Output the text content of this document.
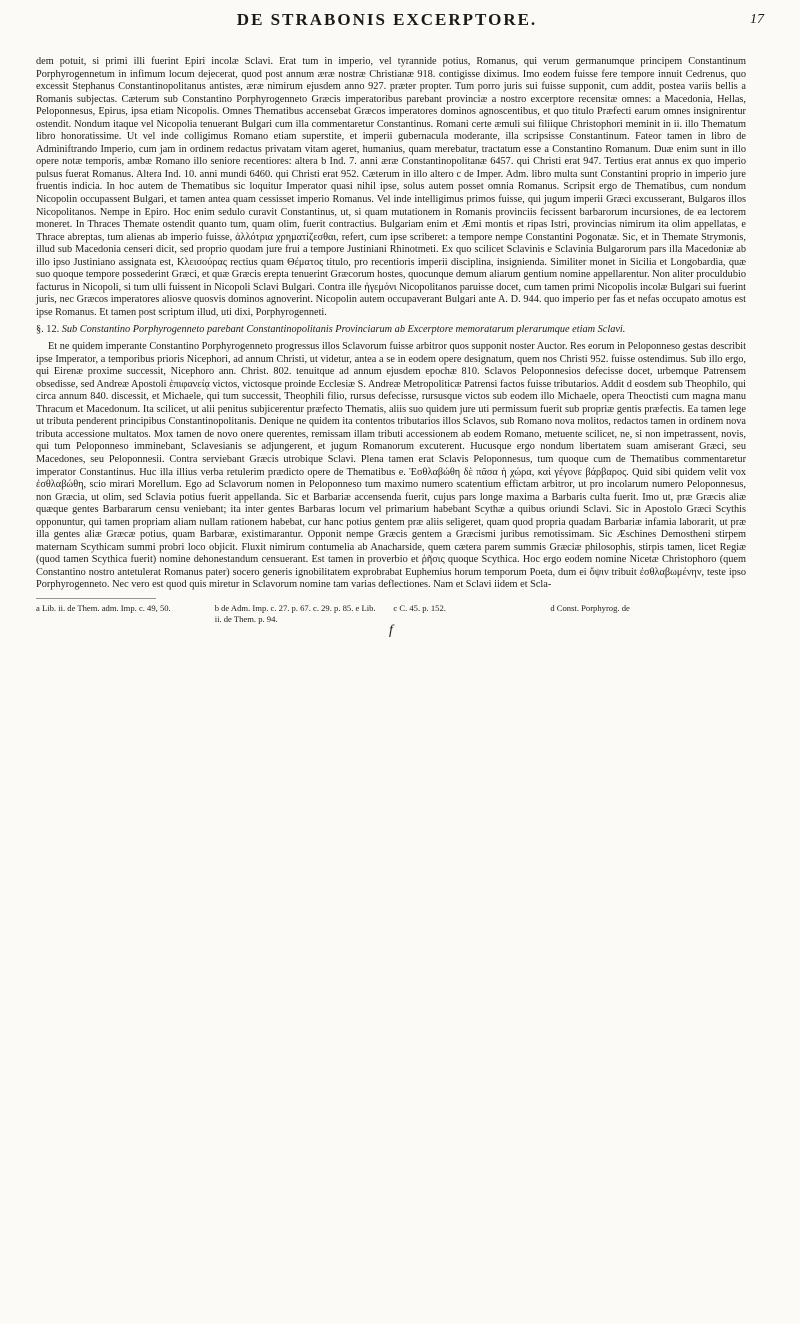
DE STRABONIS EXCERPTORE.	17

dem potuit, si primi illi fuerint Epiri incolæ Sclavi. Erat tum in imperio, vel tyrannide potius, Romanus, qui verum germanumque principem Constantinum Porphyrogennetum in infimum locum dejecerat, quod post annum æræ nostræ Christianæ 918. contigisse diximus. Imo eodem fuisse fere tempore innuit Cedrenus, quo excessit Stephanus Constantinopolitanus antistes, æræ nimirum ejusdem anno 927. præter propter. Tum porro juris sui fuisse supponit, cum addit, postea variis bellis a Romanis subjectas. Cæterum sub Constantino Porphyrogenneto Græcis imperatoribus parebant provinciæ a nostro excerptore recensitæ omnes: a Macedonia, Hellas, Peloponnesus, Epirus, ipsa etiam Nicopolis. Omnes Thematibus accensebat Græcos imperatores dominos agnoscentibus, et quo titulo Præfecti earum omnes insignirentur ostendit. Nondum itaque vel Nicopolia tenuerant Bulgari cum illa commentaretur Constantinus. Romani certe æmuli sui filiique Christophori meminit in ii. illo Thematum libro honoratissime. Ut vel inde colligimus Romano etiam superstite, et imperii gubernacula moderante, illa scripsisse Constantinum. Fateor tamen in libro de Adminiftrando Imperio, cum jam in ordinem redactus privatam vitam ageret, humanius, quam merebatur, tractatum esse a Constantino Romanum. Duæ enim sunt in illo opere notæ temporis, ambæ Romano illo seniore recentiores: altera b Ind. 7. anni æræ Constantinopolitanæ 6457. qui Christi erat 947. Tertius erat annus ex quo imperio pulsus fuerat Romanus. Altera Ind. 10. anni mundi 6460. qui Christi erat 952. Cæterum in illo altero c de Imper. Adm. libro multa sunt Constantini proprio in imperio jure fruentis indicia. In hoc autem de Thematibus sic loquitur Imperator quasi nihil ipse, solus autem posset omnia Romanus. Scripsit ergo de Thematibus, cum nondum Nicopolin occupassent Bulgari, et tamen antea quam cessisset imperio Romanus. Vel inde intelligimus primos fuisse, qui jugum imperii Græci excusserant, Bulgaros illos Nicopolitanos. Nempe in Epiro. Hoc enim sedulo curavit Constantinus, ut, si quam mutationem in Romanis provinciis fecissent barbarorum incursiones, de ea lectorem moneret. In Thraces Themate ostendit quanto tum, quam olim, fuerit contractius. Bulgariam enim et Æmi montis et ripas Istri, provincias nimirum ita olim appellatas, e Thrace abreptas, tum alienas ab imperio fuisse, ἀλλότρια χρηματίζεσθαι, refert, cum ipse scriberet: a tempore nempe Constantini Pogonatæ. Sic, et in Themate Strymonis, illud sub Macedonia censeri dicit, sed proprio quodam jure frui a tempore Justiniani Rhinotmeti. Ex quo scilicet Sclavinis e Sclavinia Bulgarorum pars illa Macedoniæ ab illo ipso Justiniano assignata est, Κλεισούρας rectius quam Θέματος titulo, pro recentioris imperii disciplina, insignienda. Similiter monet in Sicilia et Longobardia, quæ suo quoque tempore possederint Græci, et quæ Græcis erepta tenuerint Græcorum hostes, quocunque demum aliarum gentium nomine appellarentur. Non aliter proculdubio facturus in Nicopoli, si tum ulli fuissent in Nicopoli Sclavi Bulgari. Contra ille ἡγεμόνι Nicopolitanos paruisse docet, cum tamen primi Nicopolis incolæ Bulgari sui fuerint juris, nec Græcos imperatores aliosve quosvis dominos agnoverint. Nicopolin autem occupaverant Bulgari ante A. D. 944. quo imperio per fas et nefas occupato amotus est ipse Romanus. Et tamen post scriptum illud, uti dixi, Porphyrogenneti.

§. 12. Sub Constantino Porphyrogenneto parebant Constantinopolitanis Provinciarum ab Excerptore memoratarum plerarumque etiam Sclavi.

Et ne quidem imperante Constantino Porphyrogenneto progressus illos Sclavorum fuisse arbitror quos supponit noster Auctor. Res eorum in Peloponneso gestas describit ipse Imperator, a temporibus prioris Nicephori, ad annum Christi, ut videtur, antea a se in eodem opere designatum, quem nos Christi 952. fuisse ostendimus. Sub illo ergo, qui Eirenæ proxime successit, Nicephoro ann. Christ. 802. tenuitque ad annum ejusdem epochæ 810. Sclavos Peloponnesios defecisse docet, urbemque Patrensem obsedisse, sed Andreæ Apostoli ἐπιφανείᾳ victos, victosque proinde Ecclesiæ S. Andreæ Metropoliticæ Patrensi factos fuisse tributarios. Addit d eosdem sub Theophilo, qui circa annum 840. discessit, et Michaele, qui tum successit, Theophili filio, rursus defecisse, rursusque victos sub eodem illo Michaele, opera Theoctisti cum magna manu Thracum et Macedonum. Ita scilicet, ut alii penitus subjicerentur præfecto Thematis, aliis suo quidem jure uti permissum fuerit sub propriæ gentis præfectis. Ea tamen lege ut tributa penderent principibus Constantinopolitanis. Denique ne quidem ita contentos tributarios illos Sclavos, sub Romano nova molitos, redactos tamen in ordinem nova tributa accessione multatos. Mox tamen de novo onere querentes, remissam illam tributi accessionem ab eodem Romano, metuente scilicet, ne, si non impetrassent, novis, qui tum Peloponneso imminebant, Sclavesianis se adjungerent, et jugum Romanorum excuterent. Hucusque ergo nondum libertatem suam amiserant Græci, seu Macedones, seu Peloponnesii. Contra serviebant Græcis utrobique Sclavi. Plena tamen erat Sclavis Peloponnesus, tum quoque cum de Thematibus commentaretur imperator Constantinus. Huc illa illius verba retulerim prædicto opere de Thematibus e. Ἐσθλαβώθη δὲ πᾶσα ἡ χώρα, καὶ γέγονε βάρβαρος. Quid sibi quidem velit vox ἐσθλαβώθη, scio mirari Morellum. Ego ad Sclavorum nomen in Peloponneso tum maximo numero scatentium effictam arbitror, ut pro incolarum numero Peloponnesus, non Græcia, ut olim, sed Sclavia potius fuerit appellanda. Sic et Barbariæ accensenda fuerit, cujus pars longe maxima a Barbaris culta fuerit. Imo ut, præ Græcis aliæ quæque gentes Barbararum censu veniebant; ita inter gentes Barbaras locum vel primarium habebant Scythæ a quibus oriundi Sclavi. Sic in Apostolo Græci Scythis opponuntur, qui tamen propriam aliam nullam rationem habebat, cur hanc potius gentem præ aliis seligeret, quam quod propria quadam Barbariæ infamia laborarit, ut præ illa gentes aliæ Græcæ potius, quam Barbaræ, existimarantur. Opponit nempe Græcis gentem a Græcismi juribus remotissimam. Sic Æschines Demostheni stirpem maternam Scythicam summi probri loco objicit. Fluxit nimirum contumelia ab Anacharside, quem cætera parem summis Græciæ philosophis, stirpis tamen, licet Regiæ (quod tamen Scythica fuerit) nomine dehonestandum censuerant. Est tamen in proverbio et ῥῆσις quoque Scythica. Hoc ergo eodem nomine Nicetæ Christophoro (quem Constantino nostro antetulerat Romanus pater) socero generis ignobilitatem exprobrabat Euphemius horum temporum Poeta, dum ei ὄψιν tribuit ἐσθλαβωμένην, teste ipso Porphyrogenneto. Nec vero est quod quis miretur in Sclavorum nomine tam varias deflectiones. Nam et Sclavi iidem et Scla-

a Lib. ii. de Them. adm. Imp. c. 49, 50.	b de Adm. Imp. c. 27. p. 67. c. 29. p. 85. e Lib. ii. de Them. p. 94.
c C. 45. p. 152.	d Const. Porphyrog. de
f
